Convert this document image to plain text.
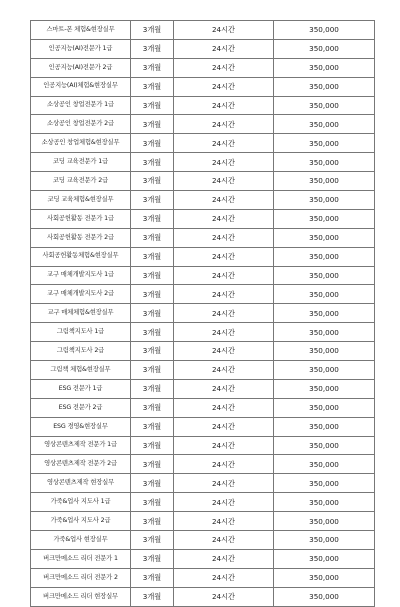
스마트-폰 체험&현장실무	3개월	24시간	350,000
인공지능(AI)전문가 1급	3개월	24시간	350,000
인공지능(AI)전문가 2급	3개월	24시간	350,000
인공지능(AI)체험&현장실무	3개월	24시간	350,000
소상공인 창업전문가 1급	3개월	24시간	350,000
소상공인 창업전문가 2급	3개월	24시간	350,000
소상공인 창업체험&현장실무	3개월	24시간	350,000
코딩 교육전문가 1급	3개월	24시간	350,000
코딩 교육전문가 2급	3개월	24시간	350,000
코딩 교육체험&현장실무	3개월	24시간	350,000
사회공헌활동 전문가 1급	3개월	24시간	350,000
사회공헌활동 전문가 2급	3개월	24시간	350,000
사회공헌활동체험&현장실무	3개월	24시간	350,000
교구 매체개발지도사 1급	3개월	24시간	350,000
교구 매체개발지도사 2급	3개월	24시간	350,000
교구 매체체험&현장실무	3개월	24시간	350,000
그림책지도사 1급	3개월	24시간	350,000
그림책지도사 2급	3개월	24시간	350,000
그림책 체험&현장실무	3개월	24시간	350,000
ESG 전문가 1급	3개월	24시간	350,000
ESG 전문가 2급	3개월	24시간	350,000
ESG 경영&현장실무	3개월	24시간	350,000
영상콘텐츠제작 전문가 1급	3개월	24시간	350,000
영상콘텐츠제작 전문가 2급	3개월	24시간	350,000
영상콘텐츠제작 현장실무	3개월	24시간	350,000
가죽&업사 지도사 1급	3개월	24시간	350,000
가죽&업사 지도사 2급	3개월	24시간	350,000
가죽&업사 현장실무	3개월	24시간	350,000
버크만메소드 리더 전문가 1	3개월	24시간	350,000
버크만메소드 리더 전문가 2	3개월	24시간	350,000
버크만메소드 리더 현장실무	3개월	24시간	350,000
